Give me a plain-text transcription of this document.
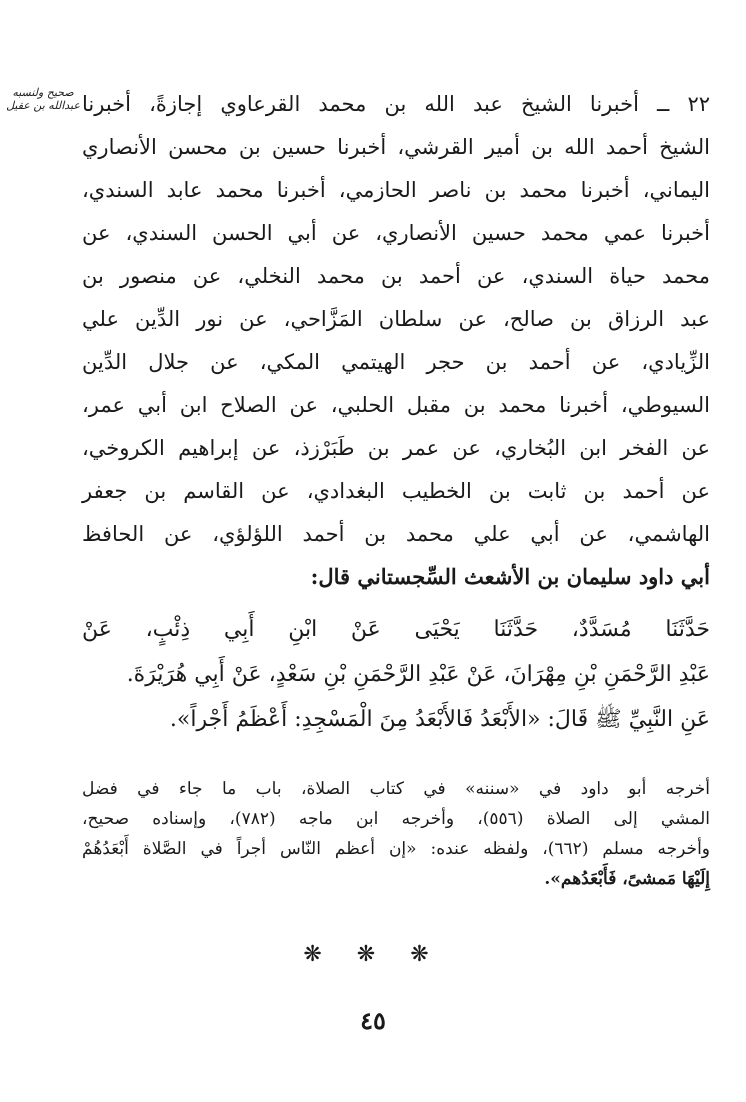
صحيح ولنسبه عبدالله بن عقيل ٢٢ ــ أخبرنا الشيخ عبد الله بن محمد القرعاوي إجازةً، أخبرنا
الشيخ أحمد الله بن أمير القرشي، أخبرنا حسين بن محسن الأنصاري
اليماني، أخبرنا محمد بن ناصر الحازمي، أخبرنا محمد عابد السندي،
أخبرنا عمي محمد حسين الأنصاري، عن أبي الحسن السندي، عن
محمد حياة السندي، عن أحمد بن محمد النخلي، عن منصور بن
عبد الرزاق بن صالح، عن سلطان المَزَّاحي، عن نور الدِّين علي
الزِّيادي، عن أحمد بن حجر الهيتمي المكي، عن جلال الدِّين
السيوطي، أخبرنا محمد بن مقبل الحلبي، عن الصلاح ابن أبي عمر،
عن الفخر ابن البُخاري، عن عمر بن طَبَرْزذ، عن إبراهيم الكروخي،
عن أحمد بن ثابت بن الخطيب البغدادي، عن القاسم بن جعفر
الهاشمي، عن أبي علي محمد بن أحمد اللؤلؤي، عن الحافظ
أبي داود سليمان بن الأشعث السِّجستاني قال:
حَدَّثَنَا مُسَدَّدٌ، حَدَّثَنَا يَحْيَى عَنْ ابْنِ أَبِي ذِئْبٍ، عَنْ
عَبْدِ الرَّحْمَنِ بْنِ مِهْرَانَ، عَنْ عَبْدِ الرَّحْمَنِ بْنِ سَعْدٍ، عَنْ أَبِي هُرَيْرَةَ.
عَنِ النَّبِيِّ ﷺ قَالَ: «الأَبْعَدُ فَالأَبْعَدُ مِنَ الْمَسْجِدِ: أَعْظَمُ أَجْراً».
أخرجه أبو داود في «سننه» في كتاب الصلاة، باب ما جاء في فضل
المشي إلى الصلاة (٥٥٦)، وأخرجه ابن ماجه (٧٨٢)، وإسناده صحيح،
وأخرجه مسلم (٦٦٢)، ولفظه عنده: «إن أعظم النّاس أجراً في الصَّلاة أَبْعَدُهُمْ
إِلَيْهَا مَمشىً، فَأَبْعَدُهم».
❋ ❋ ❋
٤٥
